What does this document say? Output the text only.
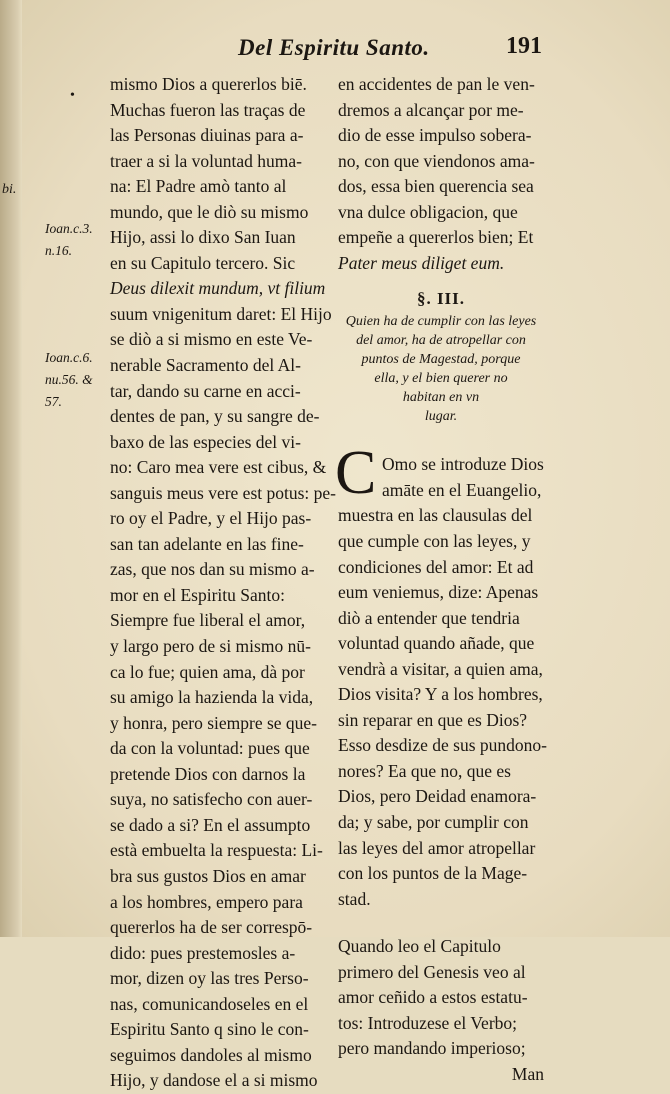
Del Espiritu Santo.	191
bi.
•
Ioan.c.3.
n.16.
Ioan.c.6.
nu.56. &
57.
mismo Dios a quererlos biē.
Muchas fueron las traças de
las Personas diuinas para a-
traer a si la voluntad huma-
na: El Padre amò tanto al
mundo, que le diò su mismo
Hijo, assi lo dixo San Iuan
en su Capitulo tercero. Sic
Deus dilexit mundum, vt filium
suum vnigenitum daret: El Hijo
se diò a si mismo en este Ve-
nerable Sacramento del Al-
tar, dando su carne en acci-
dentes de pan, y su sangre de-
baxo de las especies del vi-
no: Caro mea vere est cibus, &
sanguis meus vere est potus: pe-
ro oy el Padre, y el Hijo pas-
san tan adelante en las fine-
zas, que nos dan su mismo a-
mor en el Espiritu Santo:
Siempre fue liberal el amor,
y largo pero de si mismo nū-
ca lo fue; quien ama, dà por
su amigo la hazienda la vida,
y honra, pero siempre se que-
da con la voluntad: pues que
pretende Dios con darnos la
suya, no satisfecho con auer-
se dado a si? En el assumpto
està embuelta la respuesta: Li-
bra sus gustos Dios en amar
a los hombres, empero para
quererlos ha de ser correspō-
dido: pues prestemosles a-
mor, dizen oy las tres Perso-
nas, comunicandoseles en el
Espiritu Santo q sino le con-
seguimos dandoles al mismo
Hijo, y dandose el a si mismo
en accidentes de pan le ven-
dremos a alcançar por me-
dio de esse impulso sobera-
no, con que viendonos ama-
dos, essa bien querencia sea
vna dulce obligacion, que
empeñe a quererlos bien; Et
Pater meus diliget eum.
§. III.
Quien ha de cumplir con las leyes
del amor, ha de atropellar con
puntos de Magestad, porque
ella, y el bien querer no
habitan en vn
lugar.
C Omo se introduze Dios
amāte en el Euangelio,
muestra en las clausulas del
que cumple con las leyes, y
condiciones del amor: Et ad
eum veniemus, dize: Apenas
diò a entender que tendria
voluntad quando añade, que
vendrà a visitar, a quien ama,
Dios visita? Y a los hombres,
sin reparar en que es Dios?
Esso desdize de sus pundono-
nores? Ea que no, que es
Dios, pero Deidad enamora-
da; y sabe, por cumplir con
las leyes del amor atropellar
con los puntos de la Mage-
stad.
Quando leo el Capitulo
primero del Genesis veo al
amor ceñido a estos estatu-
tos: Introduzese el Verbo;
pero mandando imperioso;
Man
